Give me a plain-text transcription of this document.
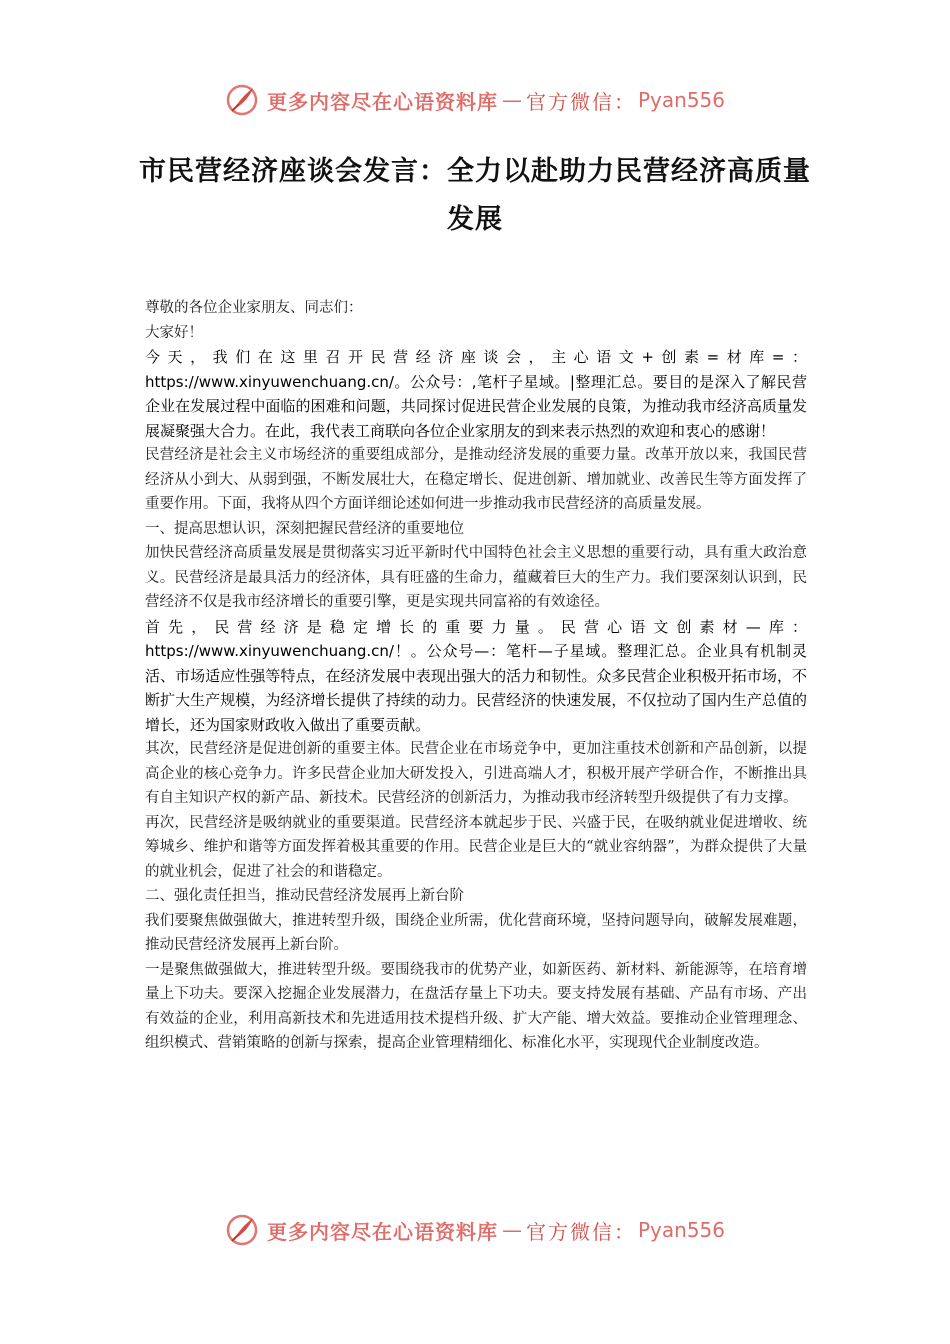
更多内容尽在心语资料库 — 官方微信： Pyan556
市民营经济座谈会发言：全力以赴助力民营经济高质量发展

尊敬的各位企业家朋友、同志们：

大家好！

今天，我们在这里召开民营经济座谈会，主心语文+创素=材库=：https://www.xinyuwenchuang.cn/。公众号：,笔杆子星域。|整理汇总。要目的是深入了解民营企业在发展过程中面临的困难和问题，共同探讨促进民营企业发展的良策，为推动我市经济高质量发展凝聚强大合力。在此，我代表工商联向各位企业家朋友的到来表示热烈的欢迎和衷心的感谢！

民营经济是社会主义市场经济的重要组成部分，是推动经济发展的重要力量。改革开放以来，我国民营经济从小到大、从弱到强，不断发展壮大，在稳定增长、促进创新、增加就业、改善民生等方面发挥了重要作用。下面，我将从四个方面详细论述如何进一步推动我市民营经济的高质量发展。

一、提高思想认识，深刻把握民营经济的重要地位

加快民营经济高质量发展是贯彻落实习近平新时代中国特色社会主义思想的重要行动，具有重大政治意义。民营经济是最具活力的经济体，具有旺盛的生命力，蕴藏着巨大的生产力。我们要深刻认识到，民营经济不仅是我市经济增长的重要引擎，更是实现共同富裕的有效途径。

首先，民营经济是稳定增长的重要力量。民营心语文创素材—库：https://www.xinyuwenchuang.cn/！。公众号—：笔杆—子星域。整理汇总。企业具有机制灵活、市场适应性强等特点，在经济发展中表现出强大的活力和韧性。众多民营企业积极开拓市场，不断扩大生产规模，为经济增长提供了持续的动力。民营经济的快速发展，不仅拉动了国内生产总值的增长，还为国家财政收入做出了重要贡献。

其次，民营经济是促进创新的重要主体。民营企业在市场竞争中，更加注重技术创新和产品创新，以提高企业的核心竞争力。许多民营企业加大研发投入，引进高端人才，积极开展产学研合作，不断推出具有自主知识产权的新产品、新技术。民营经济的创新活力，为推动我市经济转型升级提供了有力支撑。

再次，民营经济是吸纳就业的重要渠道。民营经济本就起步于民、兴盛于民，在吸纳就业促进增收、统筹城乡、维护和谐等方面发挥着极其重要的作用。民营企业是巨大的“就业容纳器”，为群众提供了大量的就业机会，促进了社会的和谐稳定。

二、强化责任担当，推动民营经济发展再上新台阶

我们要聚焦做强做大，推进转型升级，围绕企业所需，优化营商环境，坚持问题导向，破解发展难题，推动民营经济发展再上新台阶。

一是聚焦做强做大，推进转型升级。要围绕我市的优势产业，如新医药、新材料、新能源等，在培育增量上下功夫。要深入挖掘企业发展潜力，在盘活存量上下功夫。要支持发展有基础、产品有市场、产出有效益的企业，利用高新技术和先进适用技术提档升级、扩大产能、增大效益。要推动企业管理理念、组织模式、营销策略的创新与探索，提高企业管理精细化、标准化水平，实现现代企业制度改造。

更多内容尽在心语资料库 — 官方微信： Pyan556
